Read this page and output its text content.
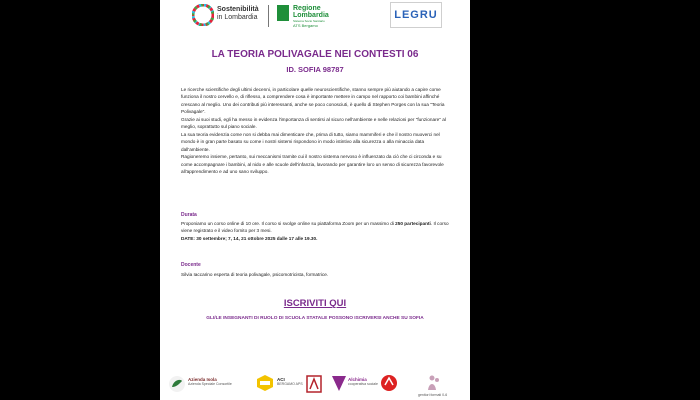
Sostenibilità
in Lombardia
Regione
Lombardia
Sistema Socio Sanitario
ATS Bergamo
LEGRU
LA TEORIA POLIVAGALE NEI CONTESTI 06
ID. SOFIA 98787

Le ricerche scientifiche degli ultimi decenni, in particolare quelle neuroscientifiche, stanno sempre più aiutando a capire come funziona il nostro cervello e, di riflesso, a comprendere cosa è importante mettere in campo nel rapporto coi bambini affinché crescano al meglio. Uno dei contributi più interessanti, anche se poco conosciuti, è quello di Stephen Porges con la sua "Teoria Polivagale".

Grazie ai suoi studi, egli ha messo in evidenza l'importanza di sentirsi al sicuro nell'ambiente e nelle relazioni per "funzionare" al meglio, soprattutto sul piano sociale.

La sua teoria evidenzia come non si debba mai dimenticare che, prima di tutto, siamo mammiferi e che il nostro muoverci nel mondo è in gran parte basato su come i nostri sistemi rispondono in modo istintivo alla sicurezza o alla minaccia data dall'ambiente.

Ragioneremo insieme, pertanto, sui meccanismi tramite cui il nostro sistema nervoso è influenzato da ciò che ci circonda e su come accompagnare i bambini, al nido e alle scuole dell'infanzia, lavorando per garantire loro un senso di sicurezza favorevole all'apprendimento e ad uno sano sviluppo.

Durata

Proponiamo un corso online di 10 ore. Il corso si svolge online su piattaforma Zoom per un massimo di 250 partecipanti. Il corso viene registrato e il video fornito per 3 mesi.

DATE: 30 settembre; 7, 14, 21 ottobre 2025 dalle 17 alle 19.30.

Docente

Silvia Iaccarino esperta di teoria polivagale, psicomotricista, formatrice.

ISCRIVITI QUI
GLI/LE INSEGNANTI DI RUOLO DI SCUOLA STATALE POSSONO ISCRIVERSI ANCHE SU SOFIA
Azienda Isola
Azienda Speciale Consortile
ACI
BERGAMO APS
Alchimia
cooperativa sociale
genitori formati 0-6
